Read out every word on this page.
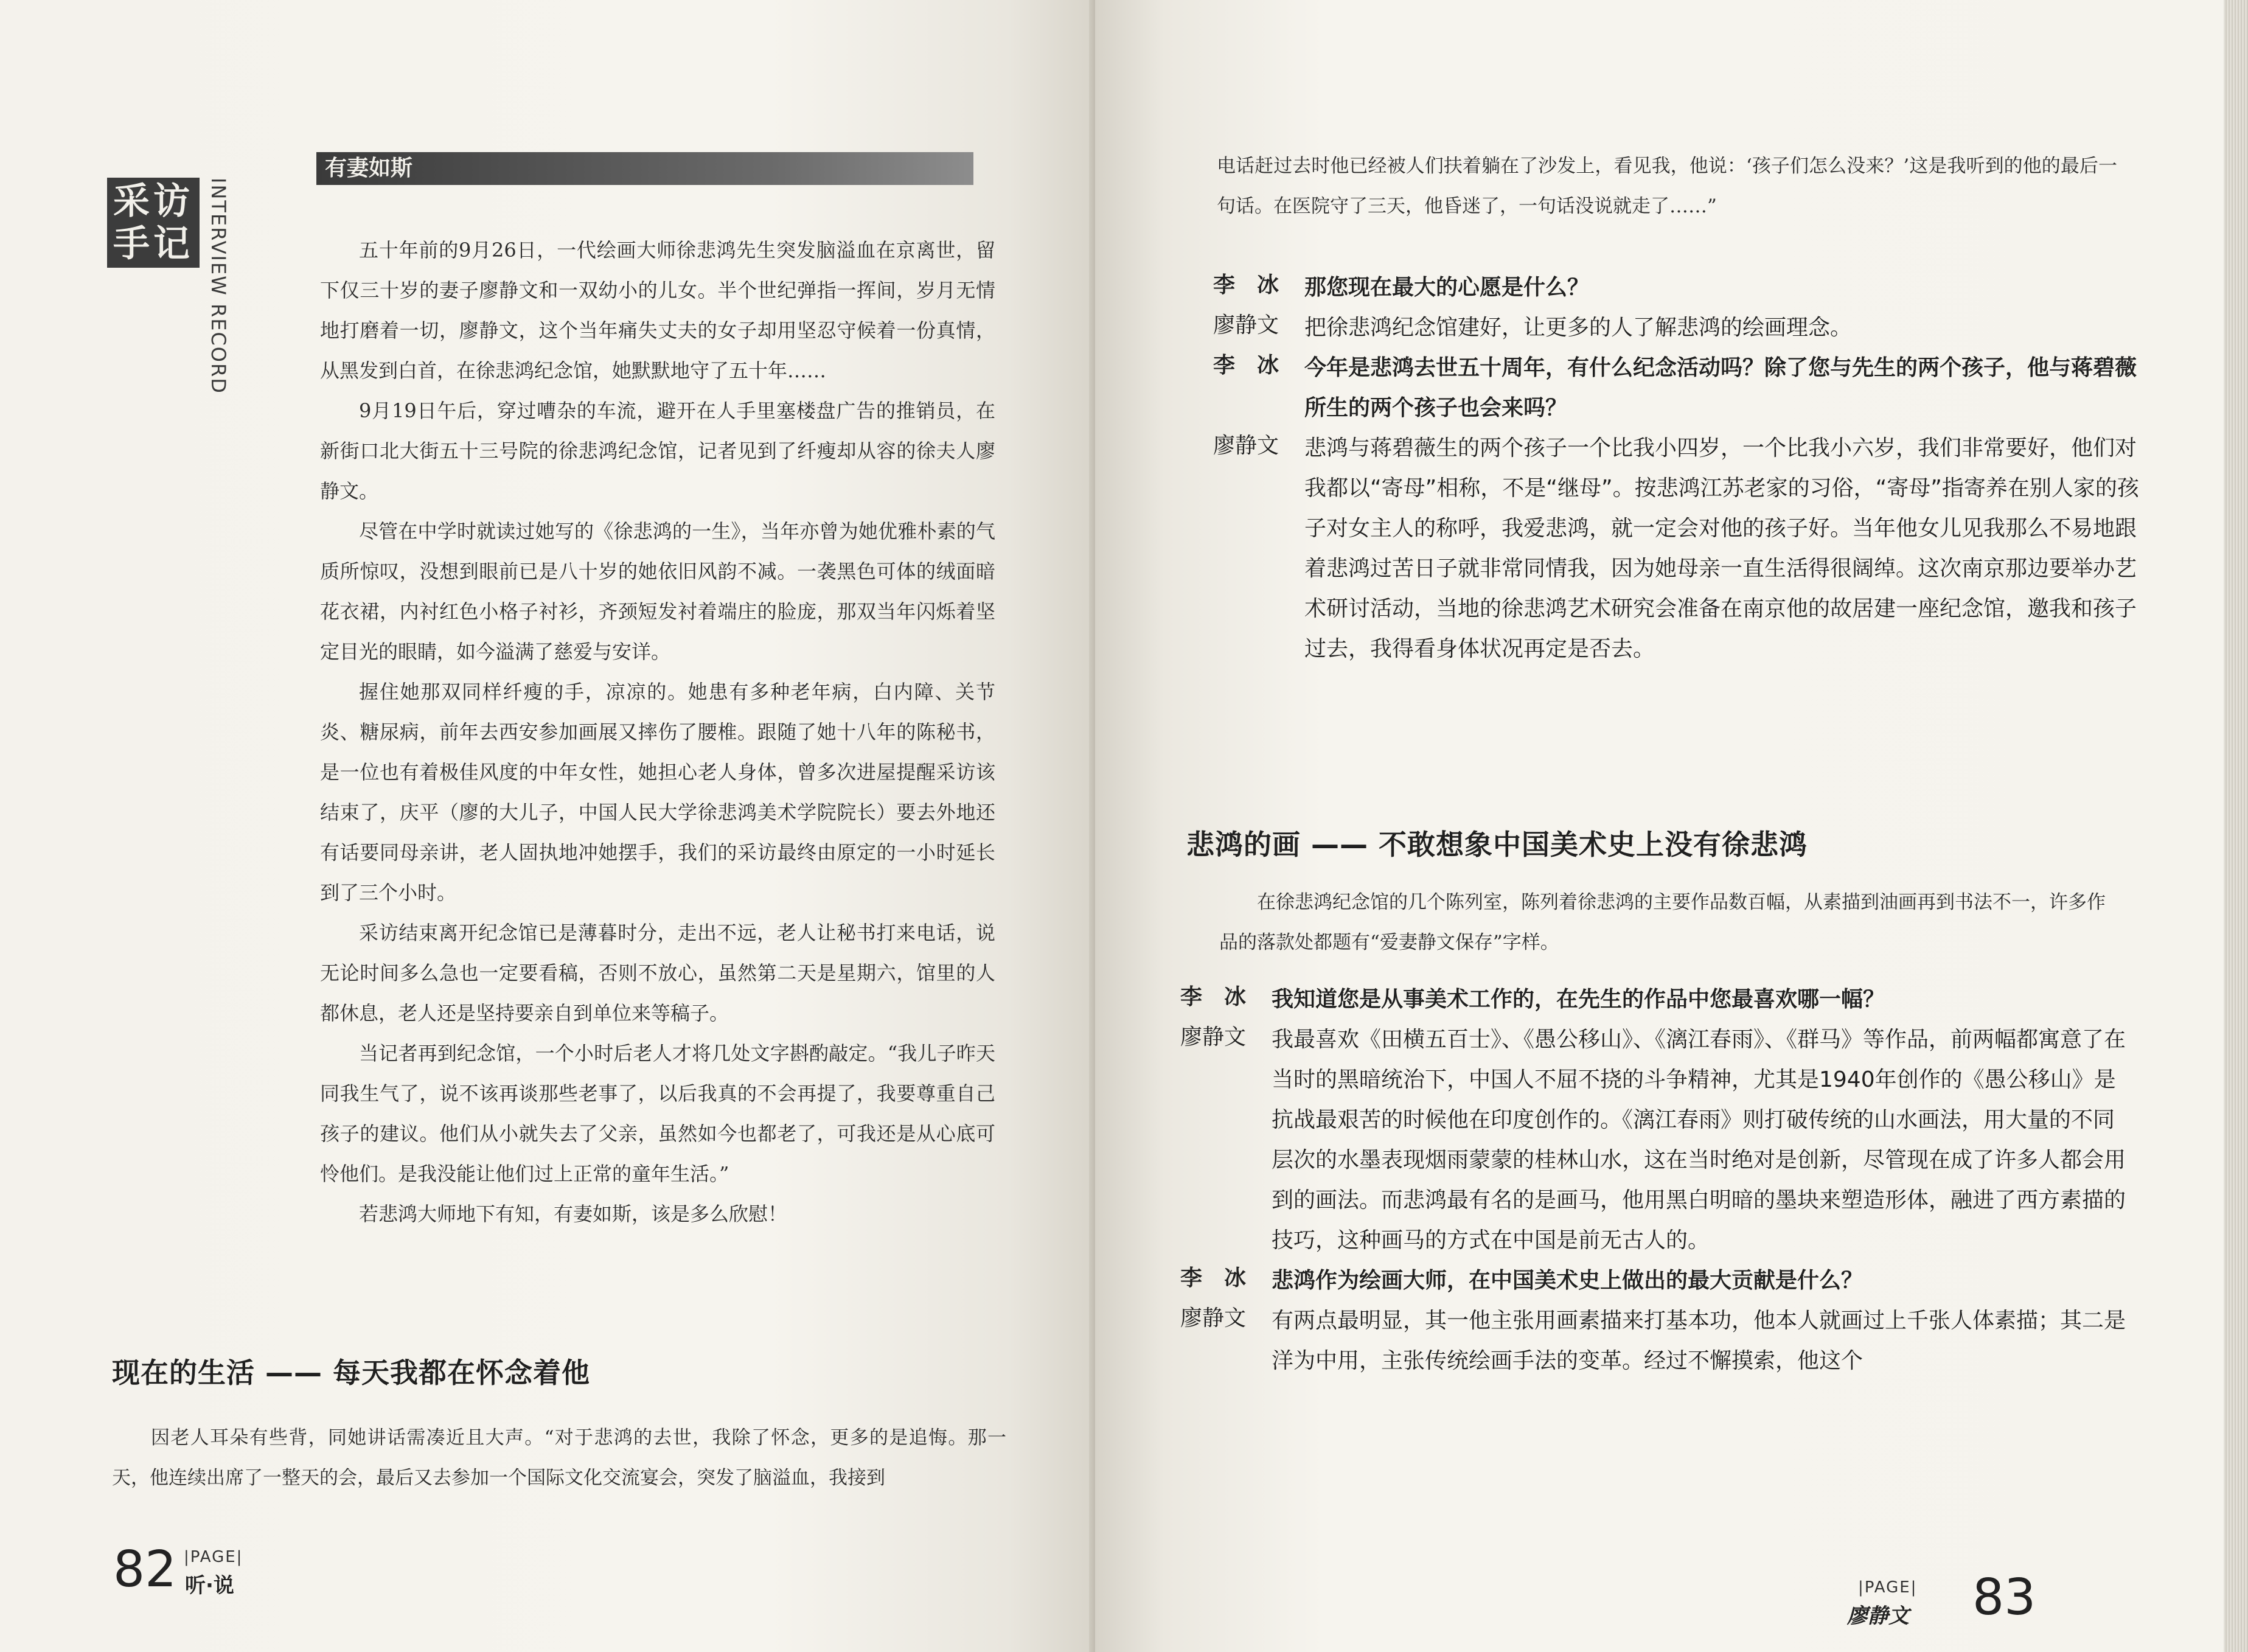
采访
手记 INTERVIEW RECORD
有妻如斯

五十年前的9月26日，一代绘画大师徐悲鸿先生突发脑溢血在京离世，留下仅三十岁的妻子廖静文和一双幼小的儿女。半个世纪弹指一挥间，岁月无情地打磨着一切，廖静文，这个当年痛失丈夫的女子却用坚忍守候着一份真情，从黑发到白首，在徐悲鸿纪念馆，她默默地守了五十年……

9月19日午后，穿过嘈杂的车流，避开在人手里塞楼盘广告的推销员，在新街口北大街五十三号院的徐悲鸿纪念馆，记者见到了纤瘦却从容的徐夫人廖静文。

尽管在中学时就读过她写的《徐悲鸿的一生》，当年亦曾为她优雅朴素的气质所惊叹，没想到眼前已是八十岁的她依旧风韵不减。一袭黑色可体的绒面暗花衣裙，内衬红色小格子衬衫，齐颈短发衬着端庄的脸庞，那双当年闪烁着坚定目光的眼睛，如今溢满了慈爱与安详。

握住她那双同样纤瘦的手，凉凉的。她患有多种老年病，白内障、关节炎、糖尿病，前年去西安参加画展又摔伤了腰椎。跟随了她十八年的陈秘书，是一位也有着极佳风度的中年女性，她担心老人身体，曾多次进屋提醒采访该结束了，庆平（廖的大儿子，中国人民大学徐悲鸿美术学院院长）要去外地还有话要同母亲讲，老人固执地冲她摆手，我们的采访最终由原定的一小时延长到了三个小时。

采访结束离开纪念馆已是薄暮时分，走出不远，老人让秘书打来电话，说无论时间多么急也一定要看稿，否则不放心，虽然第二天是星期六，馆里的人都休息，老人还是坚持要亲自到单位来等稿子。

当记者再到纪念馆，一个小时后老人才将几处文字斟酌敲定。“我儿子昨天同我生气了，说不该再谈那些老事了，以后我真的不会再提了，我要尊重自己孩子的建议。他们从小就失去了父亲，虽然如今也都老了，可我还是从心底可怜他们。是我没能让他们过上正常的童年生活。”

若悲鸿大师地下有知，有妻如斯，该是多么欣慰！

现在的生活 —— 每天我都在怀念着他

因老人耳朵有些背，同她讲话需凑近且大声。“对于悲鸿的去世，我除了怀念，更多的是追悔。那一天，他连续出席了一整天的会，最后又去参加一个国际文化交流宴会，突发了脑溢血，我接到

82 |PAGE|
听·说
电话赶过去时他已经被人们扶着躺在了沙发上，看见我，他说：‘孩子们怎么没来？’这是我听到的他的最后一句话。在医院守了三天，他昏迷了，一句话没说就走了……”
李　冰	那您现在最大的心愿是什么？
廖静文	把徐悲鸿纪念馆建好，让更多的人了解悲鸿的绘画理念。
李　冰	今年是悲鸿去世五十周年，有什么纪念活动吗？除了您与先生的两个孩子，他与蒋碧薇所生的两个孩子也会来吗？
廖静文	悲鸿与蒋碧薇生的两个孩子一个比我小四岁，一个比我小六岁，我们非常要好，他们对我都以“寄母”相称，不是“继母”。按悲鸿江苏老家的习俗，“寄母”指寄养在别人家的孩子对女主人的称呼，我爱悲鸿，就一定会对他的孩子好。当年他女儿见我那么不易地跟着悲鸿过苦日子就非常同情我，因为她母亲一直生活得很阔绰。这次南京那边要举办艺术研讨活动，当地的徐悲鸿艺术研究会准备在南京他的故居建一座纪念馆，邀我和孩子过去，我得看身体状况再定是否去。
悲鸿的画 —— 不敢想象中国美术史上没有徐悲鸿

在徐悲鸿纪念馆的几个陈列室，陈列着徐悲鸿的主要作品数百幅，从素描到油画再到书法不一，许多作品的落款处都题有“爱妻静文保存”字样。

李　冰	我知道您是从事美术工作的，在先生的作品中您最喜欢哪一幅？
廖静文	我最喜欢《田横五百士》、《愚公移山》、《漓江春雨》、《群马》等作品，前两幅都寓意了在当时的黑暗统治下，中国人不屈不挠的斗争精神，尤其是1940年创作的《愚公移山》是抗战最艰苦的时候他在印度创作的。《漓江春雨》则打破传统的山水画法，用大量的不同层次的水墨表现烟雨蒙蒙的桂林山水，这在当时绝对是创新，尽管现在成了许多人都会用到的画法。而悲鸿最有名的是画马，他用黑白明暗的墨块来塑造形体，融进了西方素描的技巧，这种画马的方式在中国是前无古人的。
李　冰	悲鸿作为绘画大师，在中国美术史上做出的最大贡献是什么？
廖静文	有两点最明显，其一他主张用画素描来打基本功，他本人就画过上千张人体素描；其二是洋为中用，主张传统绘画手法的变革。经过不懈摸索，他这个
|PAGE|
廖静文 83
